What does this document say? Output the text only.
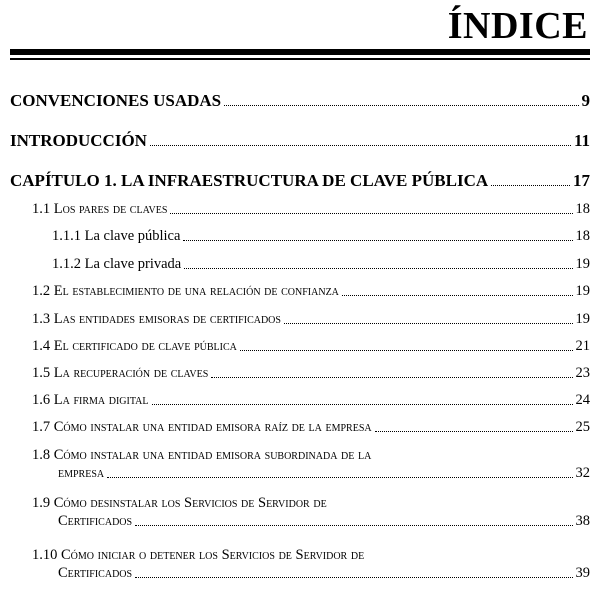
ÍNDICE
CONVENCIONES USADAS	9
INTRODUCCIÓN	11
CAPÍTULO 1. LA INFRAESTRUCTURA DE CLAVE PÚBLICA	17
1.1 Los pares de claves	18
1.1.1 La clave pública	18
1.1.2 La clave privada	19
1.2 El establecimiento de una relación de confianza	19
1.3 Las entidades emisoras de certificados	19
1.4 El certificado de clave pública	21
1.5 La recuperación de claves	23
1.6 La firma digital	24
1.7 Cómo instalar una entidad emisora raíz de la empresa	25
1.8 Cómo instalar una entidad emisora subordinada de la
empresa	32
1.9 Cómo desinstalar los Servicios de Servidor de
Certificados	38
1.10 Cómo iniciar o detener los Servicios de Servidor de
Certificados	39
